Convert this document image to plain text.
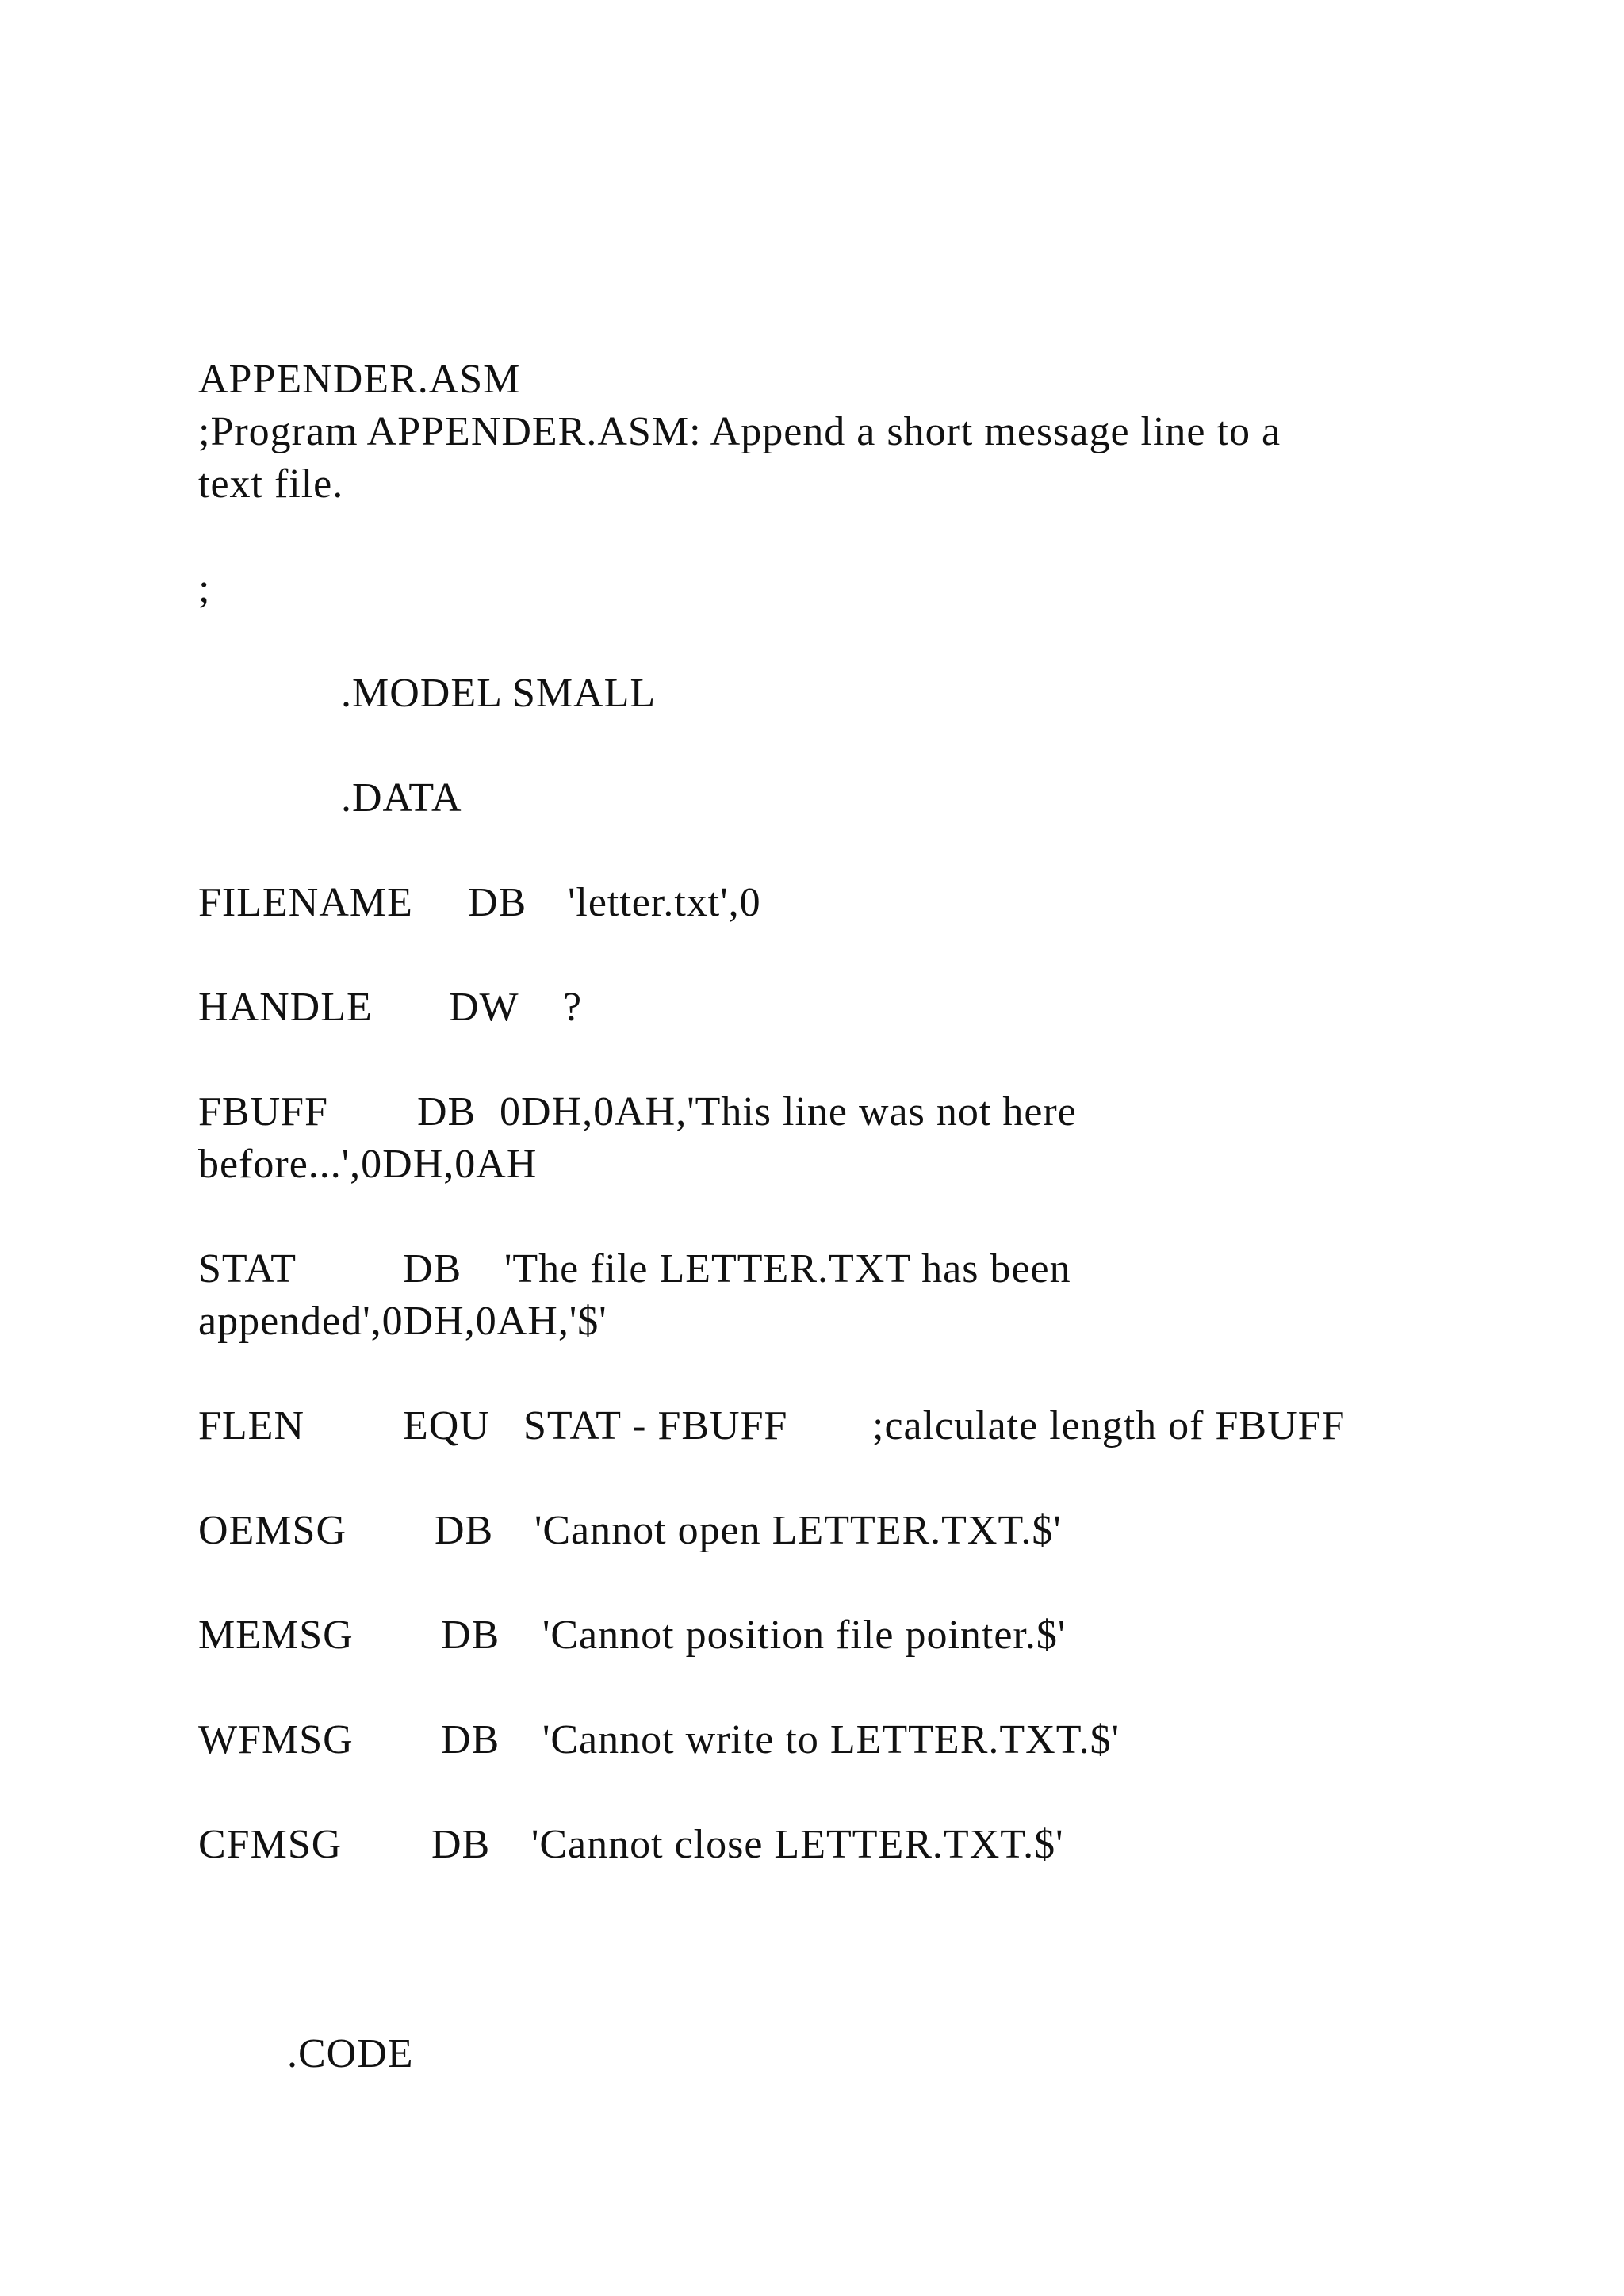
APPENDER.ASM
;Program APPENDER.ASM: Append a short message line to a
text file.
;
.MODEL SMALL
.DATA

FILENAME

DB

'letter.txt',0

HANDLE

DW

?

FBUFF

DB

0DH,0AH,'This line was not here

before...',0DH,0AH

STAT

	DB

'The file LETTER.TXT has been

appended',0DH,0AH,'$'

FLEN

EQU

STAT - FBUFF

;calculate length of FBUFF

OEMSG

DB

'Cannot open LETTER.TXT.$'

MEMSG

DB

'Cannot position file pointer.$'

WFMSG

DB

'Cannot write to LETTER.TXT.$'

CFMSG

DB

'Cannot close LETTER.TXT.$'

.CODE
